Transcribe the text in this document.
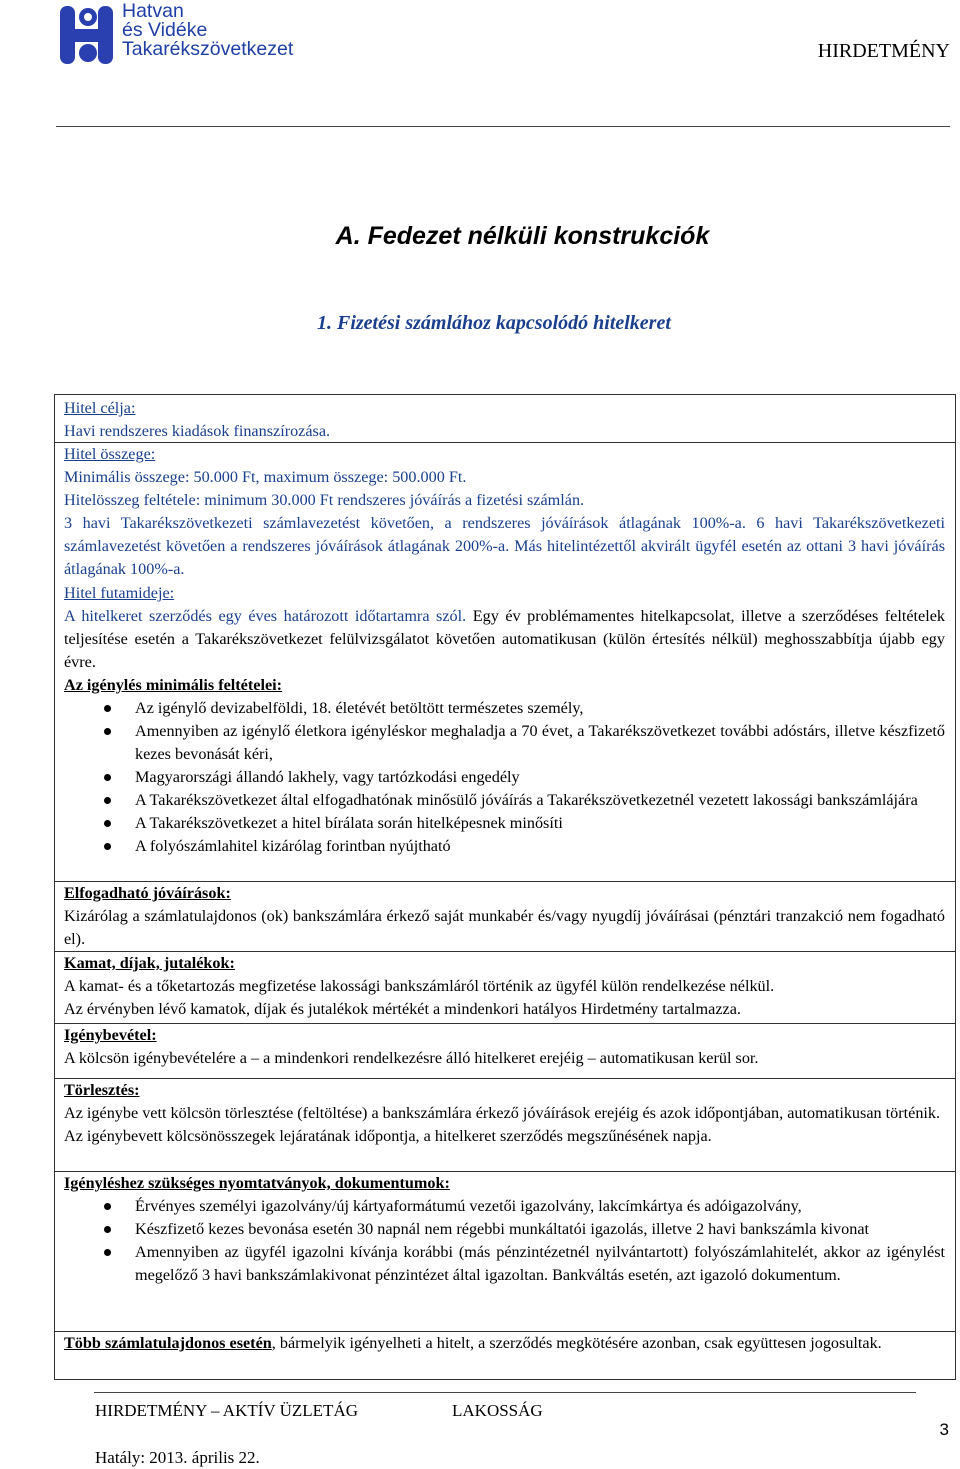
Hatvan
és Vidéke
Takarékszövetkezet	HIRDETMÉNY
A. Fedezet nélküli konstrukciók
1. Fizetési számlához kapcsolódó hitelkeret
Hitel célja:
Havi rendszeres kiadások finanszírozása.
Hitel összege:
Minimális összege: 50.000 Ft, maximum összege: 500.000 Ft.
Hitelösszeg feltétele: minimum 30.000 Ft rendszeres jóváírás a fizetési számlán.
3 havi Takarékszövetkezeti számlavezetést követően, a rendszeres jóváírások átlagának 100%-a. 6 havi Takarékszövetkezeti számlavezetést követően a rendszeres jóváírások átlagának 200%-a. Más hitelintézettől akvirált ügyfél esetén az ottani 3 havi jóváírás átlagának 100%-a.
Hitel futamideje:
A hitelkeret szerződés egy éves határozott időtartamra szól. Egy év problémamentes hitelkapcsolat, illetve a szerződéses feltételek teljesítése esetén a Takarékszövetkezet felülvizsgálatot követően automatikusan (külön értesítés nélkül) meghosszabbítja újabb egy évre.
Az igénylés minimális feltételei:
Az igénylő devizabelföldi, 18. életévét betöltött természetes személy,
Amennyiben az igénylő életkora igényléskor meghaladja a 70 évet, a Takarékszövetkezet további adóstárs, illetve készfizető kezes bevonását kéri,
Magyarországi állandó lakhely, vagy tartózkodási engedély
A Takarékszövetkezet által elfogadhatónak minősülő jóváírás a Takarékszövetkezetnél vezetett lakossági bankszámlájára
A Takarékszövetkezet a hitel bírálata során hitelképesnek minősíti
A folyószámlahitel kizárólag forintban nyújtható
Elfogadható jóváírások:
Kizárólag a számlatulajdonos (ok) bankszámlára érkező saját munkabér és/vagy nyugdíj jóváírásai (pénztári tranzakció nem fogadható el).
Kamat, díjak, jutalékok:
A kamat- és a tőketartozás megfizetése lakossági bankszámláról történik az ügyfél külön rendelkezése nélkül.
Az érvényben lévő kamatok, díjak és jutalékok mértékét a mindenkori hatályos Hirdetmény tartalmazza.
Igénybevétel:
A kölcsön igénybevételére a – a mindenkori rendelkezésre álló hitelkeret erejéig – automatikusan kerül sor.
Törlesztés:
Az igénybe vett kölcsön törlesztése (feltöltése) a bankszámlára érkező jóváírások erejéig és azok időpontjában, automatikusan történik.
Az igénybevett kölcsönösszegek lejáratának időpontja, a hitelkeret szerződés megszűnésének napja.
Igényléshez szükséges nyomtatványok, dokumentumok:
Érvényes személyi igazolvány/új kártyaformátumú vezetői igazolvány, lakcímkártya és adóigazolvány,
Készfizető kezes bevonása esetén 30 napnál nem régebbi munkáltatói igazolás, illetve 2 havi bankszámla kivonat
Amennyiben az ügyfél igazolni kívánja korábbi (más pénzintézetnél nyilvántartott) folyószámlahitelét, akkor az igénylést megelőző 3 havi bankszámlakivonat pénzintézet által igazoltan. Bankváltás esetén, azt igazoló dokumentum.
Több számlatulajdonos esetén, bármelyik igényelheti a hitelt, a szerződés megkötésére azonban, csak együttesen jogosultak.
HIRDETMÉNY – AKTÍV ÜZLETÁG	LAKOSSÁG
3
Hatály: 2013. április 22.
